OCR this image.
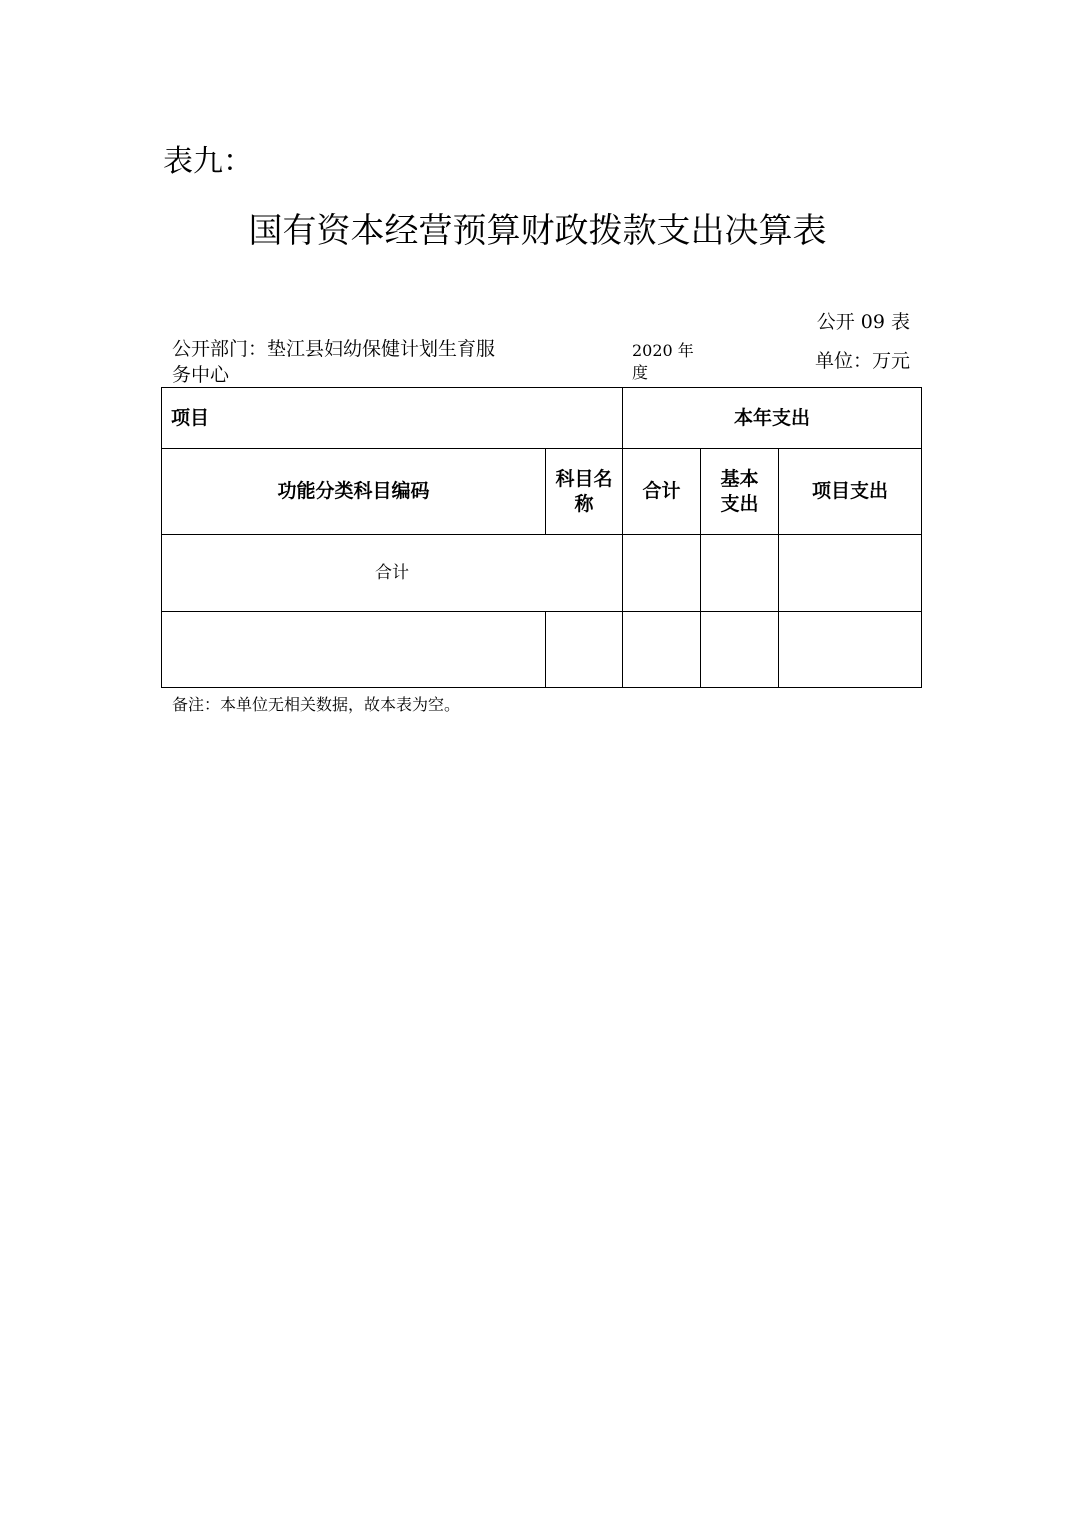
表九：
国有资本经营预算财政拨款支出决算表
公开 09 表
公开部门：垫江县妇幼保健计划生育服务中心
2020 年度
单位：万元
项目		本年支出		
功能分类科目编码	科目名称	合计	基本支出	项目支出
合计				

备注：本单位无相关数据，故本表为空。
